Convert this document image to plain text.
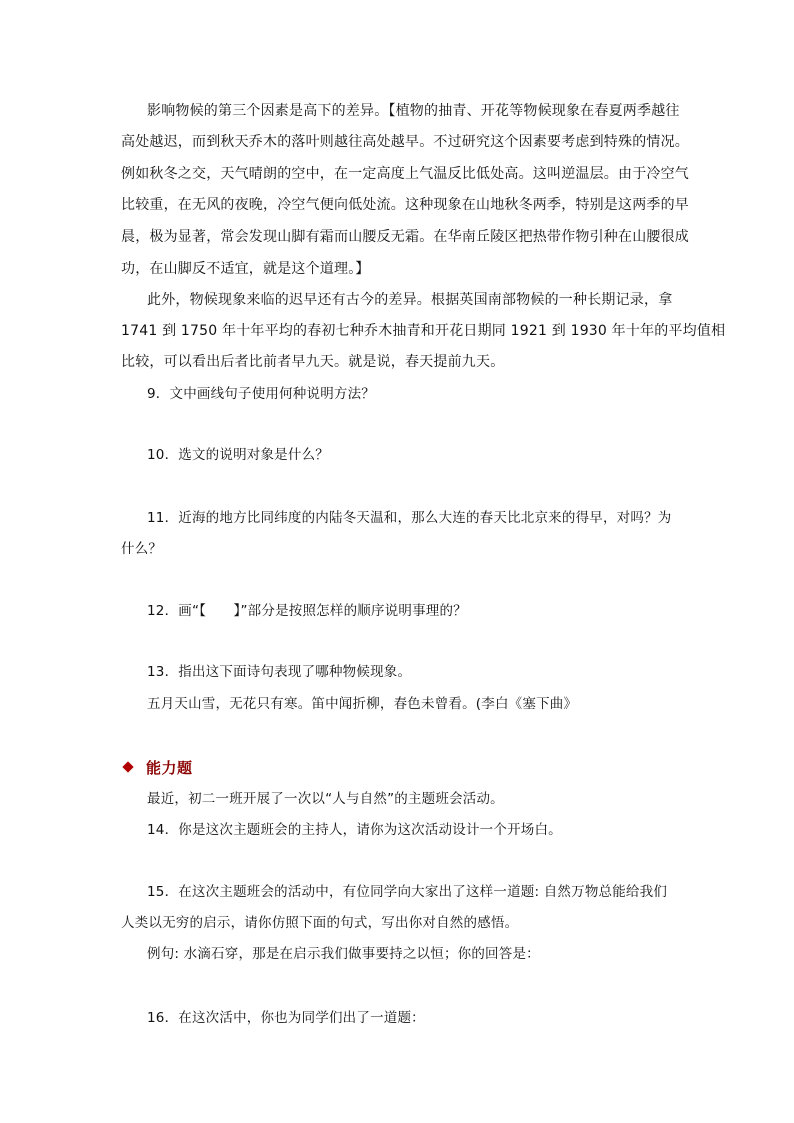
影响物候的第三个因素是高下的差异。【植物的抽青、开花等物候现象在春夏两季越往
高处越迟，而到秋天乔木的落叶则越往高处越早。不过研究这个因素要考虑到特殊的情况。
例如秋冬之交，天气晴朗的空中，在一定高度上气温反比低处高。这叫逆温层。由于冷空气
比较重，在无风的夜晚，冷空气便向低处流。这种现象在山地秋冬两季，特别是这两季的早
晨，极为显著，常会发现山脚有霜而山腰反无霜。在华南丘陵区把热带作物引种在山腰很成
功，在山脚反不适宜，就是这个道理。】
此外，物候现象来临的迟早还有古今的差异。根据英国南部物候的一种长期记录，拿
1741 到 1750 年十年平均的春初七种乔木抽青和开花日期同 1921 到 1930 年十年的平均值相
比较，可以看出后者比前者早九天。就是说，春天提前九天。
9．文中画线句子使用何种说明方法？
10．选文的说明对象是什么？
11．近海的地方比同纬度的内陆冬天温和，那么大连的春天比北京来的得早，对吗？为
什么？
12．画“【　　】”部分是按照怎样的顺序说明事理的？
13．指出这下面诗句表现了哪种物候现象。
五月天山雪，无花只有寒。笛中闻折柳，春色未曾看。(李白《塞下曲》
能力题
最近，初二一班开展了一次以“人与自然”的主题班会活动。
14．你是这次主题班会的主持人，请你为这次活动设计一个开场白。
15．在这次主题班会的活动中，有位同学向大家出了这样一道题: 自然万物总能给我们
人类以无穷的启示，请你仿照下面的句式，写出你对自然的感悟。
例句: 水滴石穿，那是在启示我们做事要持之以恒；你的回答是：
16．在这次活中，你也为同学们出了一道题：
